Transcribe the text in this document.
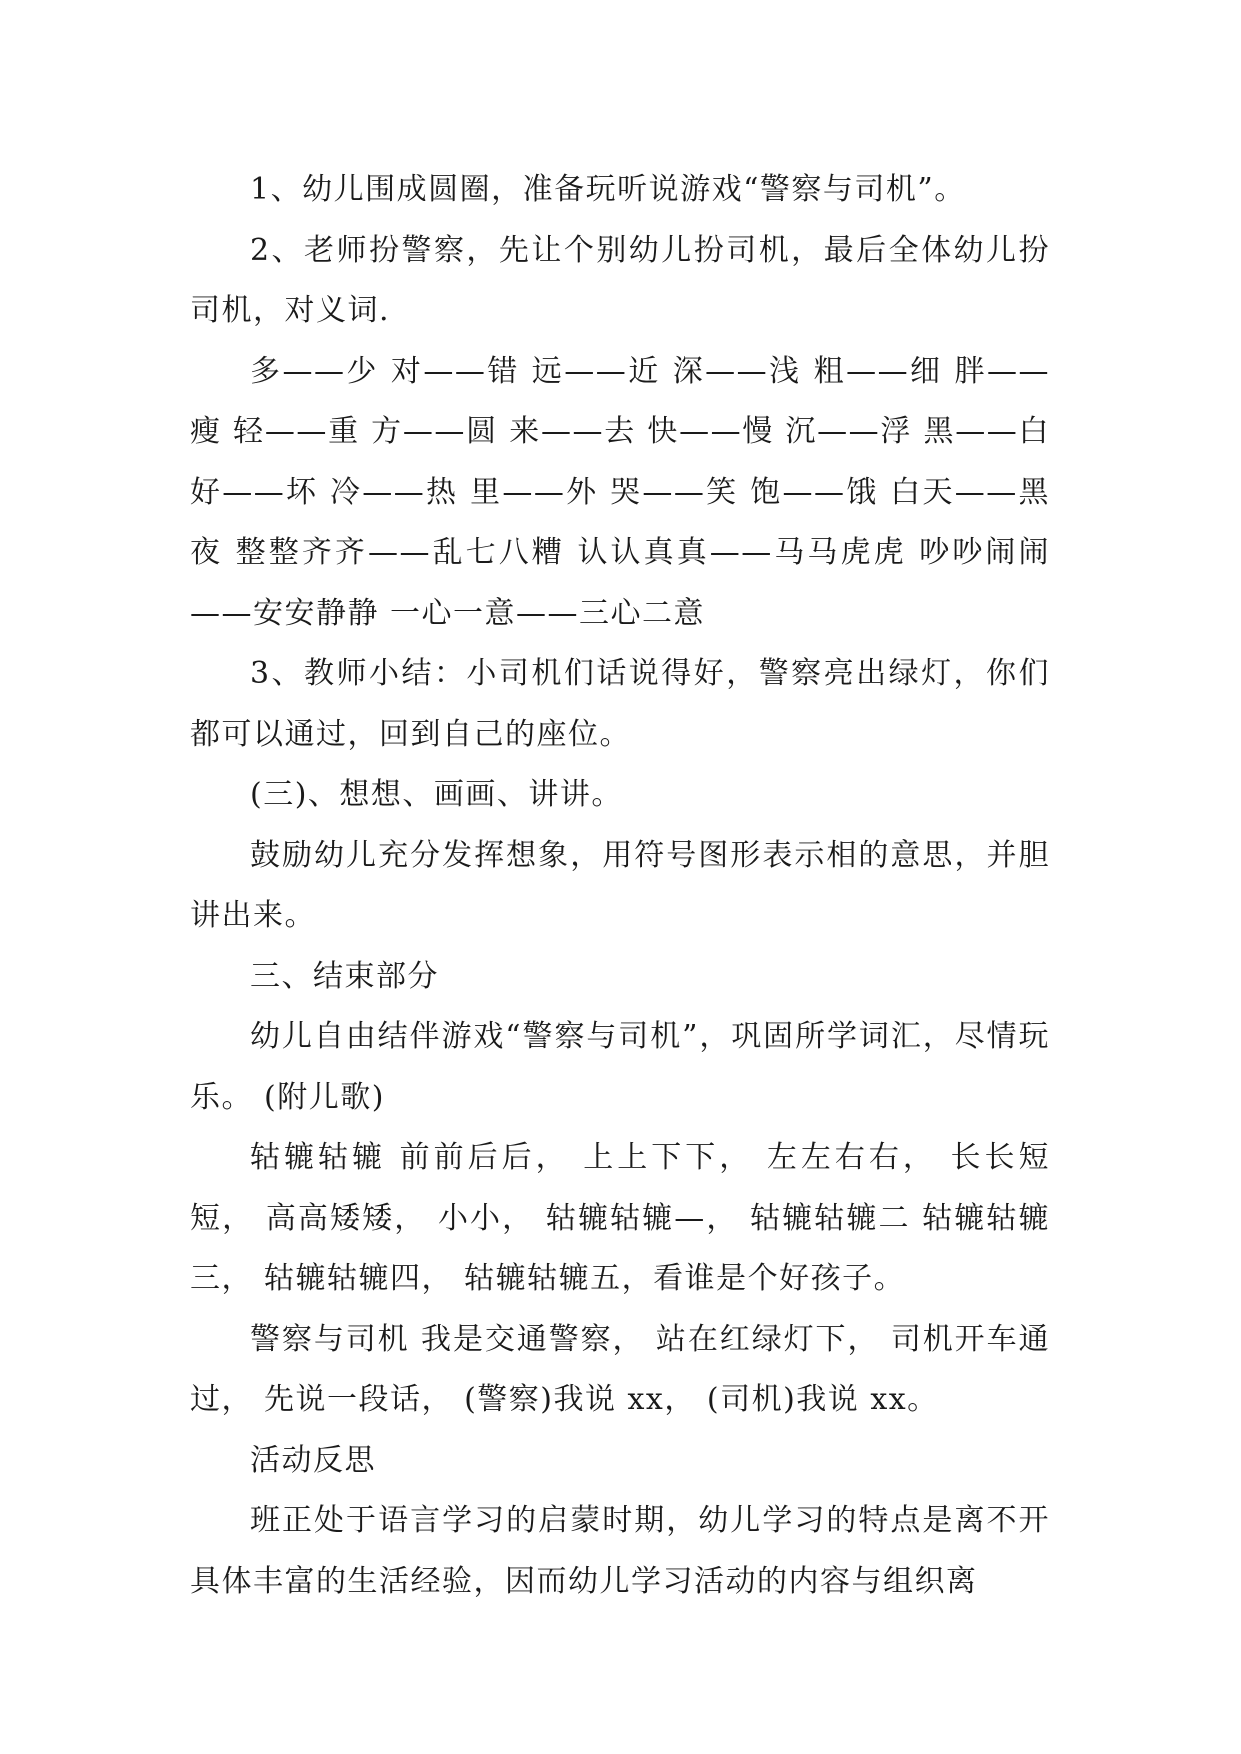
1、幼儿围成圆圈，准备玩听说游戏“警察与司机”。

2、老师扮警察，先让个别幼儿扮司机，最后全体幼儿扮司机，对义词.

多——少 对——错 远——近 深——浅 粗——细 胖——瘦 轻——重 方——圆 来——去 快——慢 沉——浮 黑——白 好——坏 冷——热 里——外 哭——笑 饱——饿 白天——黑夜 整整齐齐——乱七八糟 认认真真——马马虎虎 吵吵闹闹——安安静静 一心一意——三心二意

3、教师小结：小司机们话说得好，警察亮出绿灯，你们都可以通过，回到自己的座位。

(三)、想想、画画、讲讲。

鼓励幼儿充分发挥想象，用符号图形表示相的意思，并胆讲出来。

三、结束部分

幼儿自由结伴游戏“警察与司机”，巩固所学词汇，尽情玩乐。 (附儿歌)

轱辘轱辘 前前后后， 上上下下， 左左右右， 长长短短， 高高矮矮， 小小， 轱辘轱辘—， 轱辘轱辘二 轱辘轱辘三， 轱辘轱辘四， 轱辘轱辘五，看谁是个好孩子。

警察与司机 我是交通警察， 站在红绿灯下， 司机开车通过， 先说一段话， (警察)我说 xx， (司机)我说 xx。

活动反思

班正处于语言学习的启蒙时期，幼儿学习的特点是离不开具体丰富的生活经验，因而幼儿学习活动的内容与组织离
